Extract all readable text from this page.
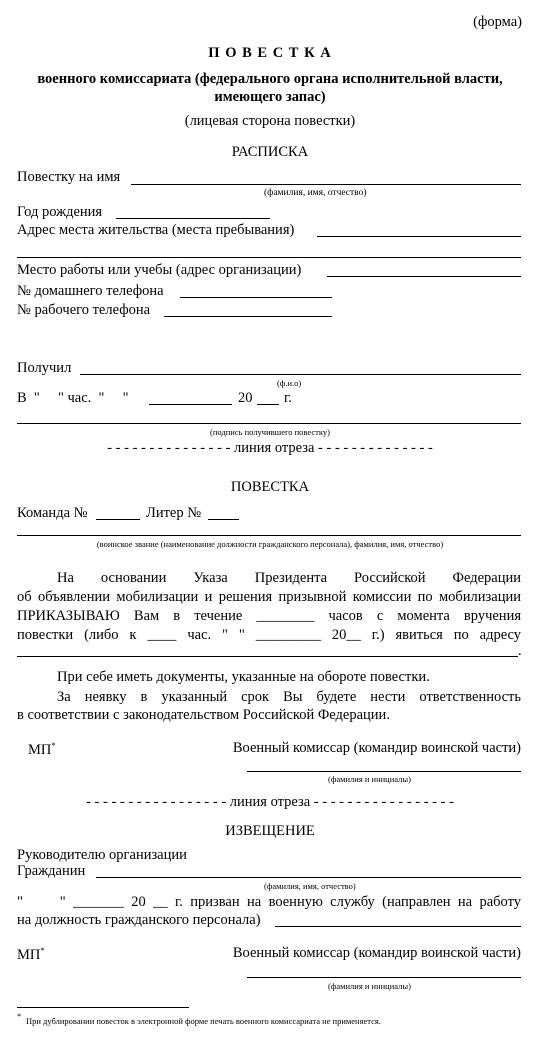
(форма)
П О В Е С Т К А
военного комиссариата (федерального органа исполнительной власти,
имеющего запас)
(лицевая сторона повестки)
РАСПИСКА
Повестку на имя
(фамилия, имя, отчество)
Год рождения
Адрес места жительства (места пребывания)
Место работы или учебы (адрес организации)
№ домашнего телефона
№ рабочего телефона
Получил
(ф.и.о)
В  "     " час.  "     "	20 г.
(подпись получившего повестку)
- - - - - - - - - - - - - - - линия отреза - - - - - - - - - - - - - -
ПОВЕСТКА
Команда №	Литер №
(воинское звание (наименование должности гражданского персонала), фамилия, имя, отчество)
На основании Указа Президента Российской Федерации
об объявлении мобилизации и решения призывной комиссии по мобилизации
ПРИКАЗЫВАЮ Вам в течение ________ часов с момента вручения
повестки (либо к ____ час. " " _________ 20__ г.) явиться по адресу
.
При себе иметь документы, указанные на обороте повестки.
За неявку в указанный срок Вы будете нести ответственность
в соответствии с законодательством Российской Федерации.
МП*	Военный комиссар (командир воинской части)
(фамилия и инициалы)
- - - - - - - - - - - - - - - - - линия отреза - - - - - - - - - - - - - - - - -
ИЗВЕЩЕНИЕ
Руководителю организации
Гражданин
(фамилия, имя, отчество)
"     " _______ 20 __ г. призван на военную службу (направлен на работу
на должность гражданского персонала)
МП*	Военный комиссар (командир воинской части)
(фамилия и инициалы)
* При дублировании повесток в электронной форме печать военного комиссариата не применяется.
